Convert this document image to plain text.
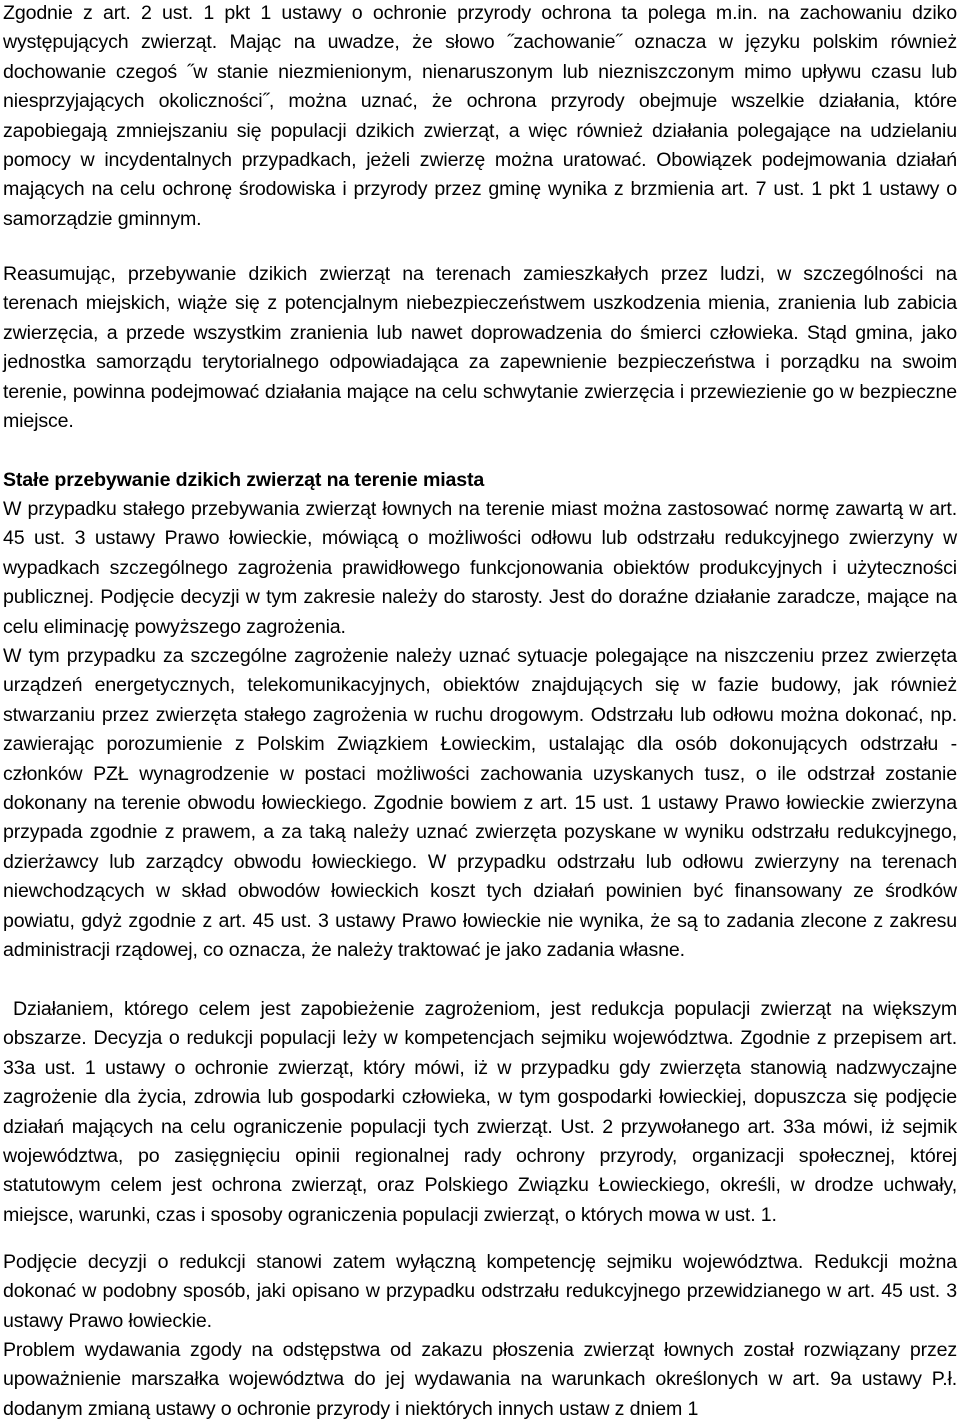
Zgodnie z art. 2 ust. 1 pkt 1 ustawy o ochronie przyrody ochrona ta polega m.in. na zachowaniu dziko występujących zwierząt. Mając na uwadze, że słowo ˝zachowanie˝ oznacza w języku polskim również dochowanie czegoś ˝w stanie niezmienionym, nienaruszonym lub niezniszczonym mimo upływu czasu lub niesprzyjających okoliczności˝, można uznać, że ochrona przyrody obejmuje wszelkie działania, które zapobiegają zmniejszaniu się populacji dzikich zwierząt, a więc również działania polegające na udzielaniu pomocy w incydentalnych przypadkach, jeżeli zwierzę można uratować. Obowiązek podejmowania działań mających na celu ochronę środowiska i przyrody przez gminę wynika z brzmienia art. 7 ust. 1 pkt 1 ustawy o samorządzie gminnym.

Reasumując, przebywanie dzikich zwierząt na terenach zamieszkałych przez ludzi, w szczególności na terenach miejskich, wiąże się z potencjalnym niebezpieczeństwem uszkodzenia mienia, zranienia lub zabicia zwierzęcia, a przede wszystkim zranienia lub nawet doprowadzenia do śmierci człowieka. Stąd gmina, jako jednostka samorządu terytorialnego odpowiadająca za zapewnienie bezpieczeństwa i porządku na swoim terenie, powinna podejmować działania mające na celu schwytanie zwierzęcia i przewiezienie go w bezpieczne miejsce.

Stałe przebywanie dzikich zwierząt na terenie miasta

W przypadku stałego przebywania zwierząt łownych na terenie miast można zastosować normę zawartą w art. 45 ust. 3 ustawy Prawo łowieckie, mówiącą o możliwości odłowu lub odstrzału redukcyjnego zwierzyny w wypadkach szczególnego zagrożenia prawidłowego funkcjonowania obiektów produkcyjnych i użyteczności publicznej. Podjęcie decyzji w tym zakresie należy do starosty. Jest do doraźne działanie zaradcze, mające na celu eliminację powyższego zagrożenia.

W tym przypadku za szczególne zagrożenie należy uznać sytuacje polegające na niszczeniu przez zwierzęta urządzeń energetycznych, telekomunikacyjnych, obiektów znajdujących się w fazie budowy, jak również stwarzaniu przez zwierzęta stałego zagrożenia w ruchu drogowym. Odstrzału lub odłowu można dokonać, np. zawierając porozumienie z Polskim Związkiem Łowieckim, ustalając dla osób dokonujących odstrzału - członków PZŁ wynagrodzenie w postaci możliwości zachowania uzyskanych tusz, o ile odstrzał zostanie dokonany na terenie obwodu łowieckiego. Zgodnie bowiem z art. 15 ust. 1 ustawy Prawo łowieckie zwierzyna przypada zgodnie z prawem, a za taką należy uznać zwierzęta pozyskane w wyniku odstrzału redukcyjnego, dzierżawcy lub zarządcy obwodu łowieckiego. W przypadku odstrzału lub odłowu zwierzyny na terenach niewchodzących w skład obwodów łowieckich koszt tych działań powinien być finansowany ze środków powiatu, gdyż zgodnie z art. 45 ust. 3 ustawy Prawo łowieckie nie wynika, że są to zadania zlecone z zakresu administracji rządowej, co oznacza, że należy traktować je jako zadania własne.

Działaniem, którego celem jest zapobieżenie zagrożeniom, jest redukcja populacji zwierząt na większym obszarze. Decyzja o redukcji populacji leży w kompetencjach sejmiku województwa. Zgodnie z przepisem art. 33a ust. 1 ustawy o ochronie zwierząt, który mówi, iż w przypadku gdy zwierzęta stanowią nadzwyczajne zagrożenie dla życia, zdrowia lub gospodarki człowieka, w tym gospodarki łowieckiej, dopuszcza się podjęcie działań mających na celu ograniczenie populacji tych zwierząt. Ust. 2 przywołanego art. 33a mówi, iż sejmik województwa, po zasięgnięciu opinii regionalnej rady ochrony przyrody, organizacji społecznej, której statutowym celem jest ochrona zwierząt, oraz Polskiego Związku Łowieckiego, określi, w drodze uchwały, miejsce, warunki, czas i sposoby ograniczenia populacji zwierząt, o których mowa w ust. 1.

Podjęcie decyzji o redukcji stanowi zatem wyłączną kompetencję sejmiku województwa. Redukcji można dokonać w podobny sposób, jaki opisano w przypadku odstrzału redukcyjnego przewidzianego w art. 45 ust. 3 ustawy Prawo łowieckie.

Problem wydawania zgody na odstępstwa od zakazu płoszenia zwierząt łownych został rozwiązany przez upoważnienie marszałka województwa do jej wydawania na warunkach określonych w art. 9a ustawy P.ł. dodanym zmianą ustawy o ochronie przyrody i niektórych innych ustaw z dniem 1
